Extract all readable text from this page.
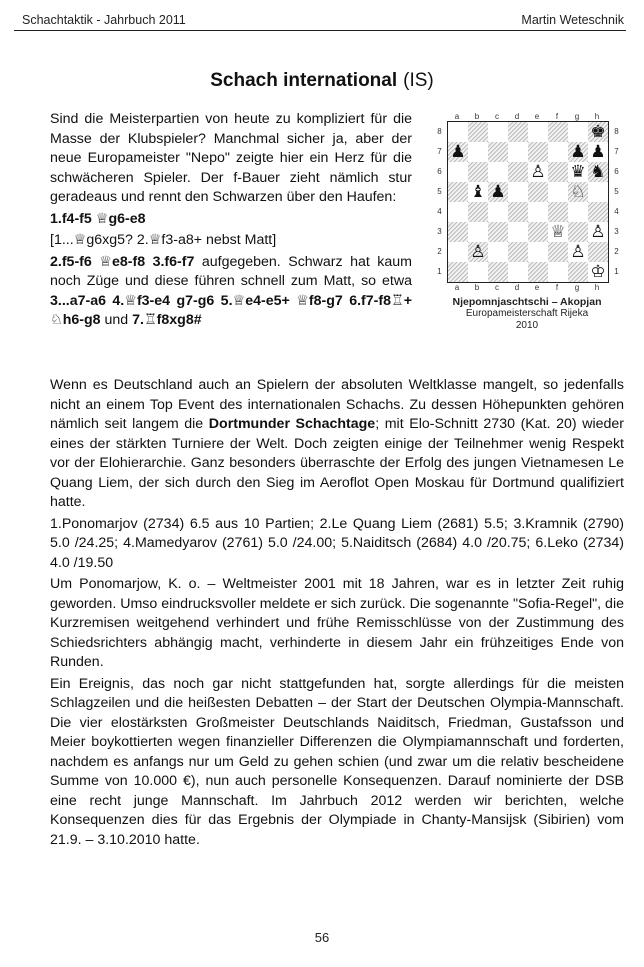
Schachtaktik - Jahrbuch 2011	Martin Weteschnik
Schach international (IS)

Sind die Meisterpartien von heute zu kompliziert für die Masse der Klubspieler? Manchmal sicher ja, aber der neue Europameister "Nepo" zeigte hier ein Herz für die schwächeren Spieler. Der f-Bauer zieht nämlich stur geradeaus und rennt den Schwarzen über den Haufen:

1.f4-f5 ♕g6-e8

[1...♕g6xg5? 2.♕f3-a8+ nebst Matt]

2.f5-f6 ♕e8-f8 3.f6-f7 aufgegeben. Schwarz hat kaum noch Züge und diese führen schnell zum Matt, so etwa 3...a7-a6 4.♕f3-e4 g7-g6 5.♕e4-e5+ ♕f8-g7 6.f7-f8♖+ ♘h6-g8 und 7.♖f8xg8#

a	b	c	d	e	f	g	h
8
7
6
5
4
3
2
1
♚
♟	♟ ♟
♙ ♛ ♞
♝ ♟	♘
♕ ♙
♙	♙
♔
8
7
6
5
4
3
2
1
a	b	c	d	e	f	g	h
Njepomnjaschtschi – Akopjan
Europameisterschaft Rijeka
2010

Wenn es Deutschland auch an Spielern der absoluten Weltklasse mangelt, so jedenfalls nicht an einem Top Event des internationalen Schachs. Zu dessen Höhepunkten gehören nämlich seit langem die Dortmunder Schachtage; mit Elo-Schnitt 2730 (Kat. 20) wieder eines der stärkten Turniere der Welt. Doch zeigten einige der Teilnehmer wenig Respekt vor der Elohierarchie. Ganz besonders überraschte der Erfolg des jungen Vietnamesen Le Quang Liem, der sich durch den Sieg im Aeroflot Open Moskau für Dortmund qualifiziert hatte.

1.Ponomarjov (2734) 6.5 aus 10 Partien; 2.Le Quang Liem (2681) 5.5; 3.Kramnik (2790) 5.0 /24.25; 4.Mamedyarov (2761) 5.0 /24.00; 5.Naiditsch (2684) 4.0 /20.75; 6.Leko (2734) 4.0 /19.50

Um Ponomarjow, K. o. – Weltmeister 2001 mit 18 Jahren, war es in letzter Zeit ruhig geworden. Umso eindrucksvoller meldete er sich zurück. Die sogenannte "Sofia-Regel", die Kurzremisen weitgehend verhindert und frühe Remisschlüsse von der Zustimmung des Schiedsrichters abhängig macht, verhinderte in diesem Jahr ein frühzeitiges Ende von Runden.

Ein Ereignis, das noch gar nicht stattgefunden hat, sorgte allerdings für die meisten Schlagzeilen und die heißesten Debatten – der Start der Deutschen Olympia-Mannschaft. Die vier elostärksten Großmeister Deutschlands Naiditsch, Friedman, Gustafsson und Meier boykottierten wegen finanzieller Differenzen die Olympiamannschaft und forderten, nachdem es anfangs nur um Geld zu gehen schien (und zwar um die relativ bescheidene Summe von 10.000 €), nun auch personelle Konsequenzen. Darauf nominierte der DSB eine recht junge Mannschaft. Im Jahrbuch 2012 werden wir berichten, welche Konsequenzen dies für das Ergebnis der Olympiade in Chanty-Mansijsk (Sibirien) vom 21.9. – 3.10.2010 hatte.

56
